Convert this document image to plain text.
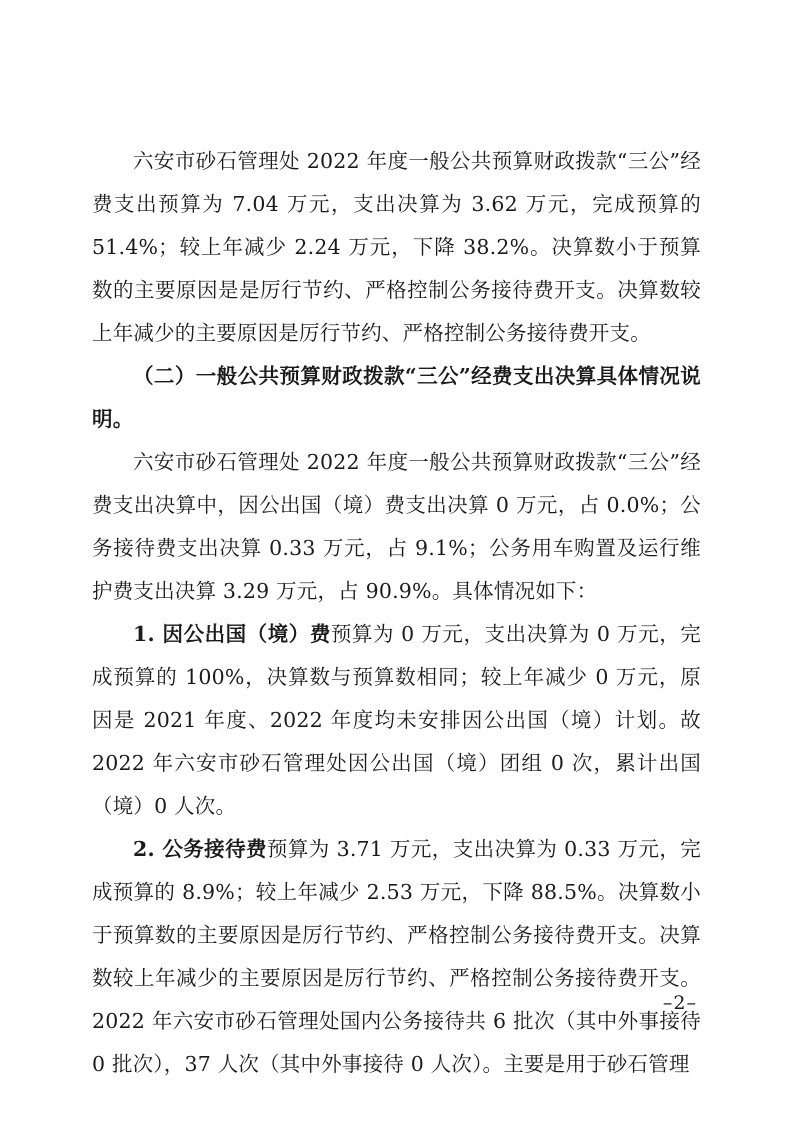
六安市砂石管理处 2022 年度一般公共预算财政拨款“三公”经费支出预算为 7.04 万元，支出决算为 3.62 万元，完成预算的 51.4%；较上年减少 2.24 万元，下降 38.2%。决算数小于预算数的主要原因是是厉行节约、严格控制公务接待费开支。决算数较上年减少的主要原因是厉行节约、严格控制公务接待费开支。

（二）一般公共预算财政拨款“三公”经费支出决算具体情况说明。

六安市砂石管理处 2022 年度一般公共预算财政拨款“三公”经费支出决算中，因公出国（境）费支出决算 0 万元，占 0.0%；公务接待费支出决算 0.33 万元，占 9.1%；公务用车购置及运行维护费支出决算 3.29 万元，占 90.9%。具体情况如下：

1. 因公出国（境）费预算为 0 万元，支出决算为 0 万元，完成预算的 100%，决算数与预算数相同；较上年减少 0 万元，原因是 2021 年度、2022 年度均未安排因公出国（境）计划。故 2022 年六安市砂石管理处因公出国（境）团组 0 次，累计出国（境）0 人次。

2. 公务接待费预算为 3.71 万元，支出决算为 0.33 万元，完成预算的 8.9%；较上年减少 2.53 万元，下降 88.5%。决算数小于预算数的主要原因是厉行节约、严格控制公务接待费开支。决算数较上年减少的主要原因是厉行节约、严格控制公务接待费开支。2022 年六安市砂石管理处国内公务接待共 6 批次（其中外事接待 0 批次），37 人次（其中外事接待 0 人次）。主要是用于砂石管理

–2–
